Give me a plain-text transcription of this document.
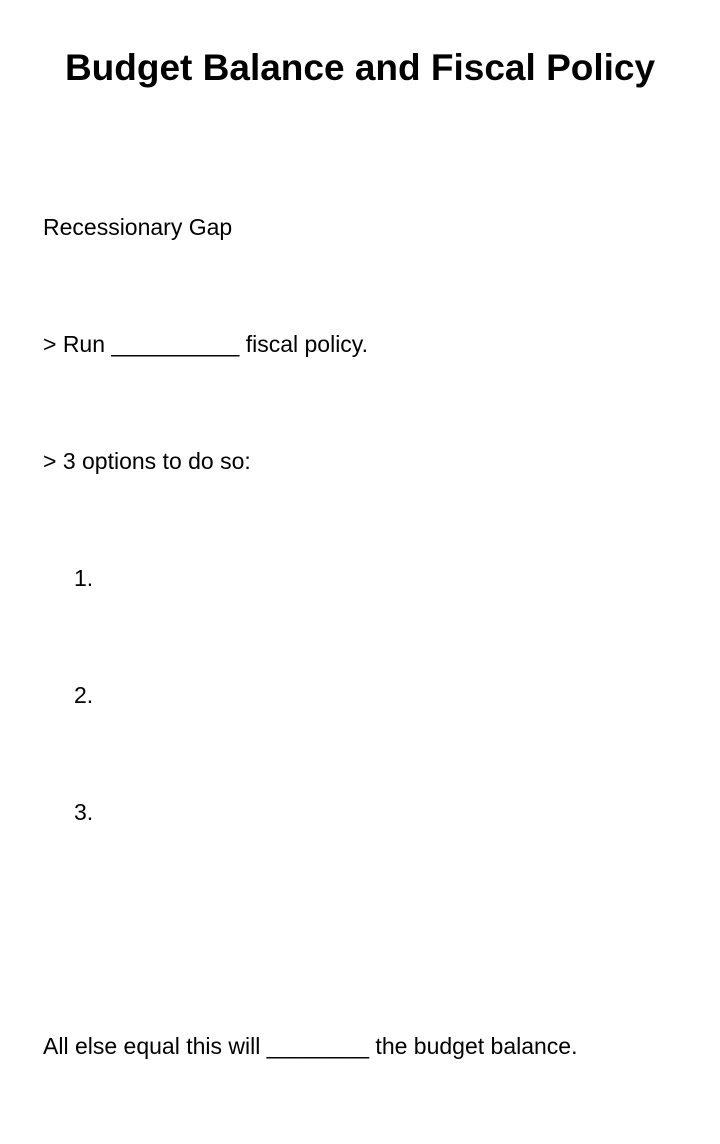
Budget Balance and Fiscal Policy

Recessionary Gap

> Run __________ fiscal policy.

> 3 options to do so:

1.

2.

3.

All else equal this will ________ the budget balance.
